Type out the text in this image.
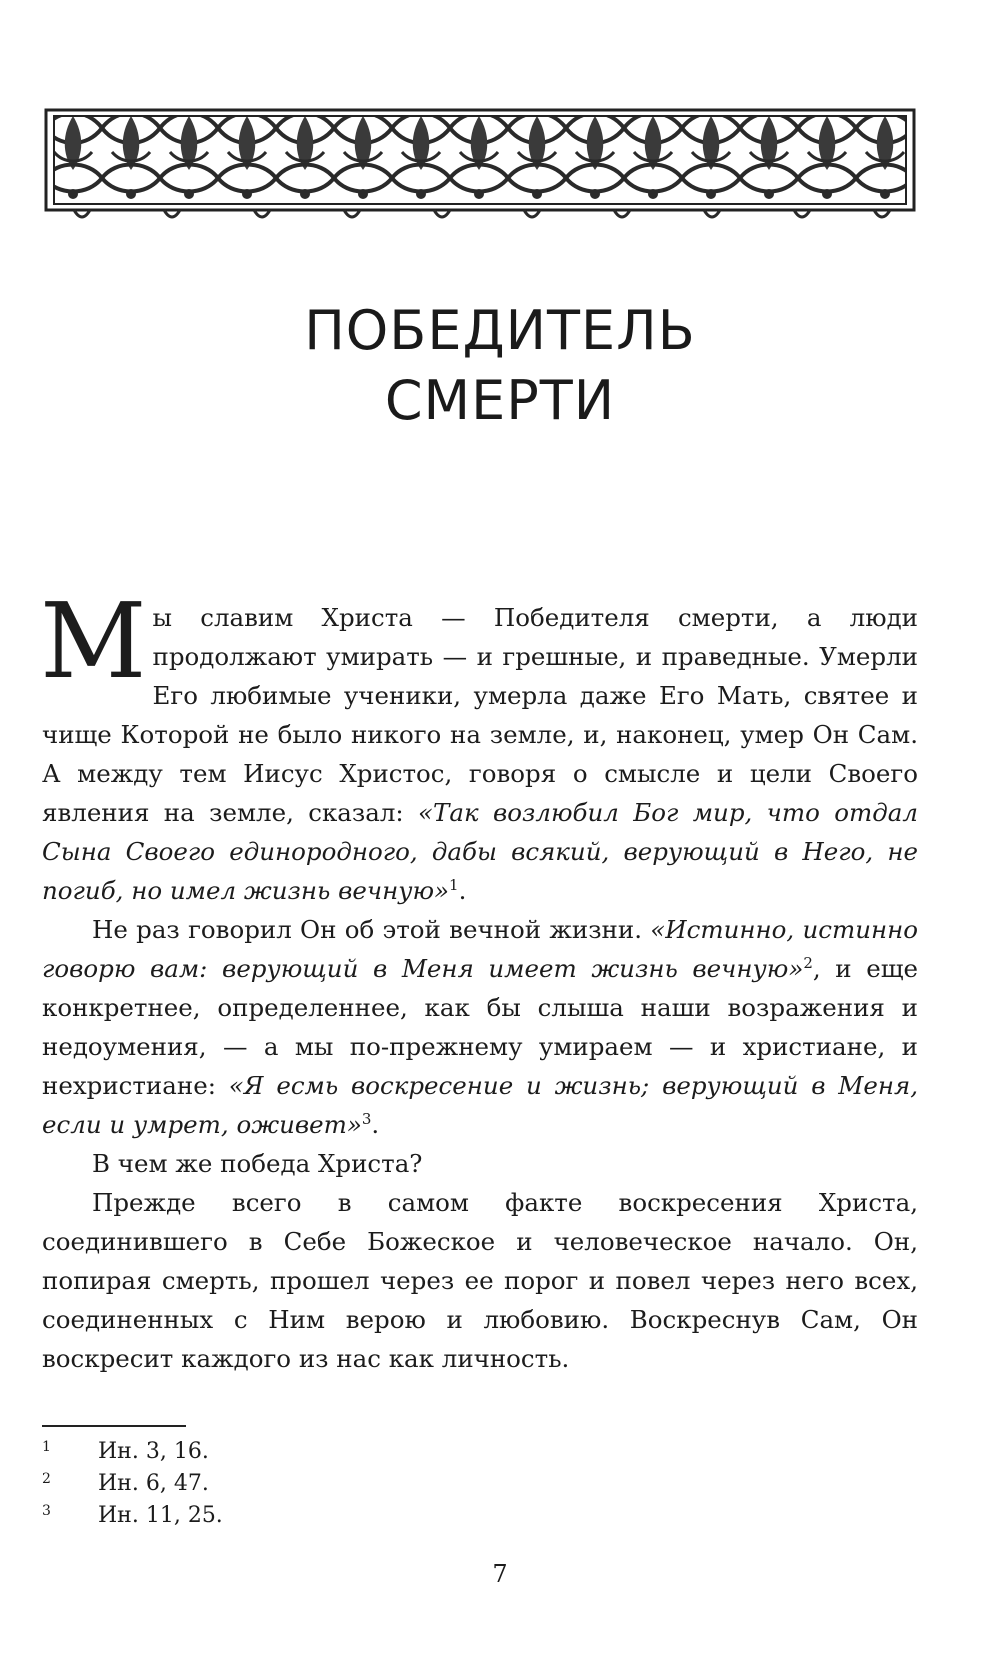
ПОБЕДИТЕЛЬ
СМЕРТИ

Мы славим Христа — Победителя смерти, а люди продолжают умирать — и грешные, и праведные. Умерли Его любимые ученики, умерла даже Его Мать, святее и чище Которой не было никого на земле, и, наконец, умер Он Сам. А между тем Иисус Христос, говоря о смысле и цели Своего явления на земле, сказал: «Так возлюбил Бог мир, что отдал Сына Своего единородного, дабы всякий, верующий в Него, не погиб, но имел жизнь вечную»$^1$.

Не раз говорил Он об этой вечной жизни. «Истинно, истинно говорю вам: верующий в Меня имеет жизнь вечную»$^2$, и еще конкретнее, определеннее, как бы слыша наши возражения и недоумения, — а мы по-прежнему умираем — и христиане, и нехристиане: «Я есмь воскресение и жизнь; верующий в Меня, если и умрет, оживет»$^3$.

В чем же победа Христа?

Прежде всего в самом факте воскресения Христа, соединившего в Себе Божеское и человеческое начало. Он, попирая смерть, прошел через ее порог и повел через него всех, соединенных с Ним верою и любовию. Воскреснув Сам, Он воскресит каждого из нас как личность.

1	Ин. 3, 16.
2	Ин. 6, 47.
3	Ин. 11, 25.
7
